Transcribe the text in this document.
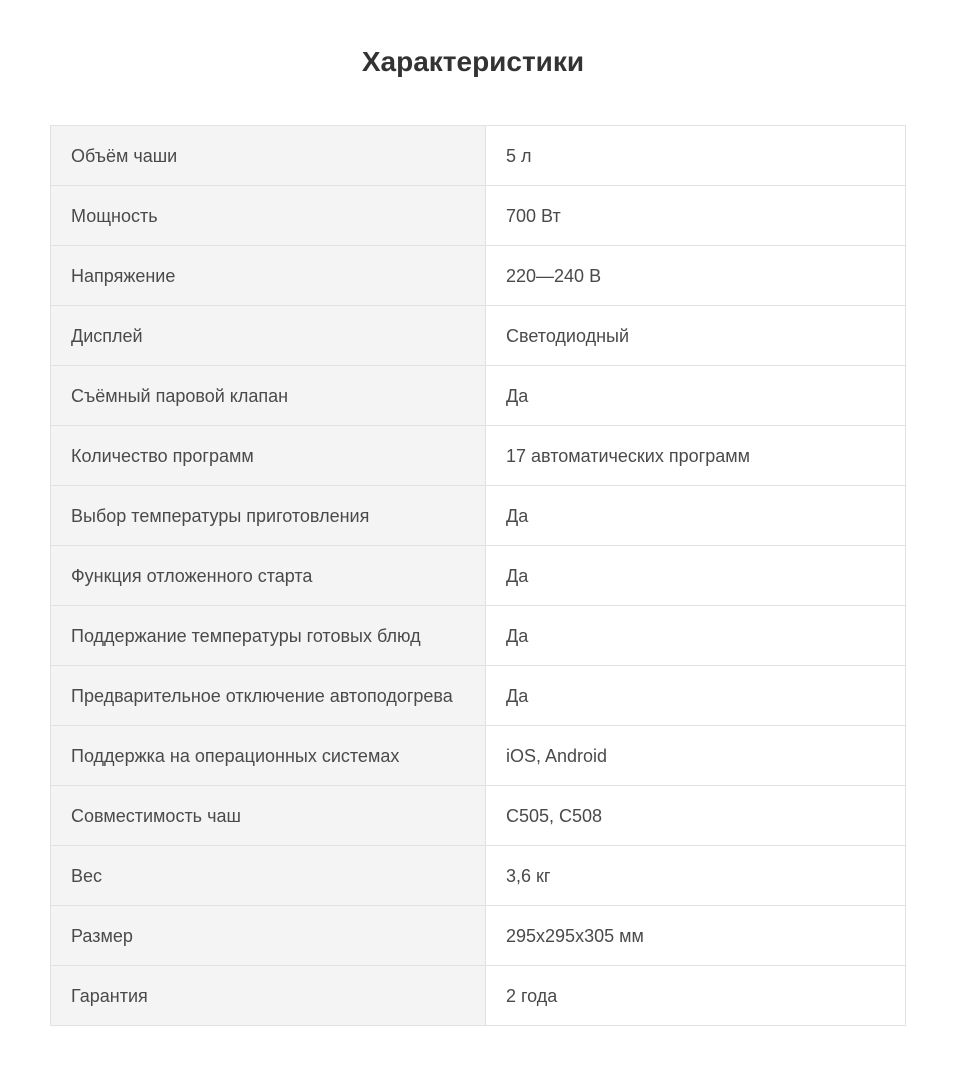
Характеристики
Объём чаши	5 л
Мощность	700 Вт
Напряжение	220—240 В
Дисплей	Светодиодный
Съёмный паровой клапан	Да
Количество программ	17 автоматических программ
Выбор температуры приготовления	Да
Функция отложенного старта	Да
Поддержание температуры готовых блюд	Да
Предварительное отключение автоподогрева	Да
Поддержка на операционных системах	iOS, Android
Совместимость чаш	C505, C508
Вес	3,6 кг
Размер	295x295x305 мм
Гарантия	2 года
